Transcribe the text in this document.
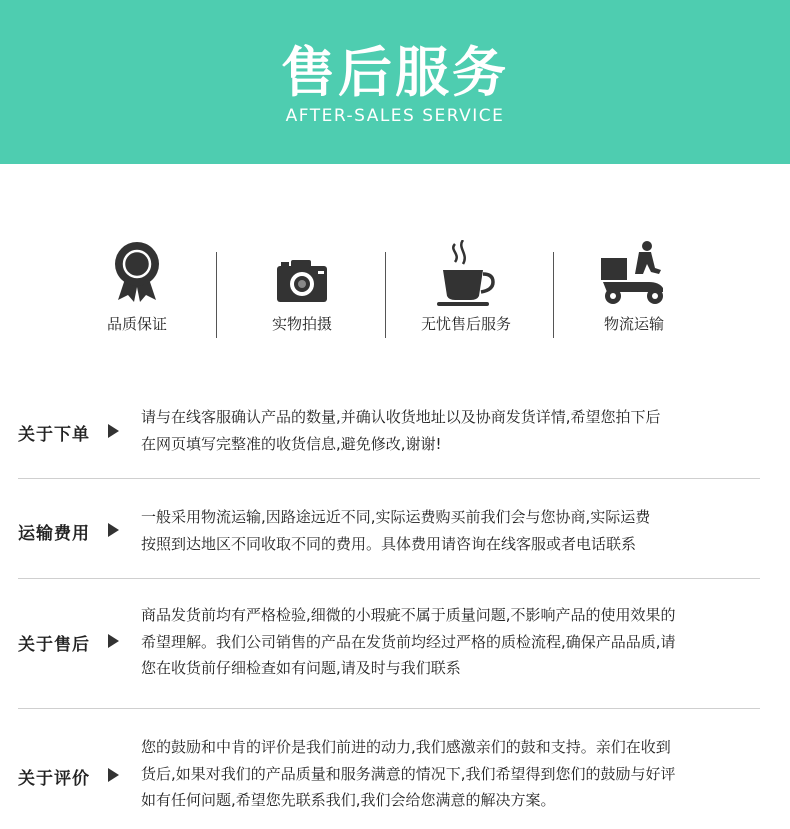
售后服务
AFTER-SALES SERVICE
品质保证	实物拍摄	无忧售后服务	物流运输
关于下单

请与在线客服确认产品的数量,并确认收货地址以及协商发货详情,希望您拍下后

在网页填写完整准的收货信息,避免修改,谢谢!

运输费用

一般采用物流运输,因路途远近不同,实际运费购买前我们会与您协商,实际运费

按照到达地区不同收取不同的费用。具体费用请咨询在线客服或者电话联系

关于售后

商品发货前均有严格检验,细微的小瑕疵不属于质量问题,不影响产品的使用效果的

希望理解。我们公司销售的产品在发货前均经过严格的质检流程,确保产品品质,请

您在收货前仔细检查如有问题,请及时与我们联系

关于评价

您的鼓励和中肯的评价是我们前进的动力,我们感激亲们的鼓和支持。亲们在收到

货后,如果对我们的产品质量和服务满意的情况下,我们希望得到您们的鼓励与好评

如有任何问题,希望您先联系我们,我们会给您满意的解决方案。
